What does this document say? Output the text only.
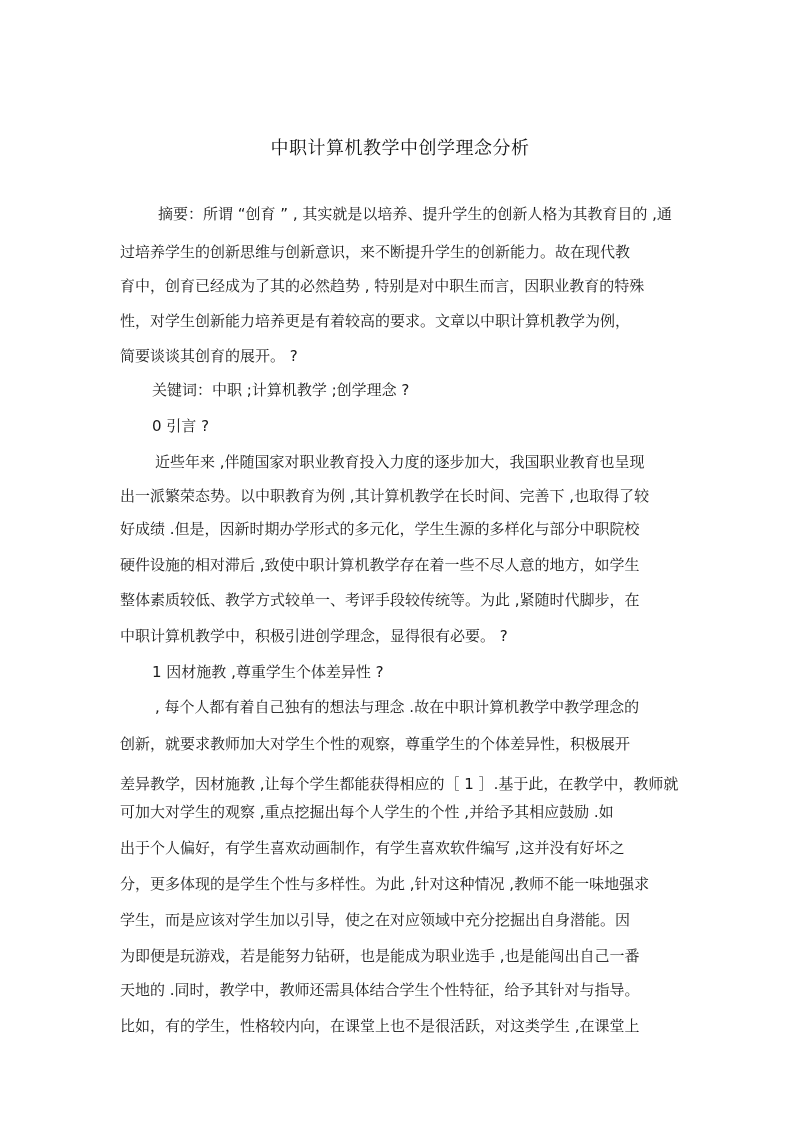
中职计算机教学中创学理念分析
摘要：所谓 “创育 ” , 其实就是以培养、提升学生的创新人格为其教育目的 ,通
过培养学生的创新思维与创新意识，来不断提升学生的创新能力。故在现代教
育中，创育已经成为了其的必然趋势 , 特别是对中职生而言，因职业教育的特殊
性，对学生创新能力培养更是有着较高的要求。文章以中职计算机教学为例，
简要谈谈其创育的展开。 ?
关键词：中职 ;计算机教学 ;创学理念 ?
0 引言 ?
近些年来 ,伴随国家对职业教育投入力度的逐步加大，我国职业教育也呈现
出一派繁荣态势。以中职教育为例 ,其计算机教学在长时间、完善下 ,也取得了较
好成绩 .但是，因新时期办学形式的多元化，学生生源的多样化与部分中职院校
硬件设施的相对滞后 ,致使中职计算机教学存在着一些不尽人意的地方，如学生
整体素质较低、教学方式较单一、考评手段较传统等。为此 ,紧随时代脚步，在
中职计算机教学中，积极引进创学理念，显得很有必要。 ?
1 因材施教 ,尊重学生个体差异性 ?
, 每个人都有着自己独有的想法与理念 .故在中职计算机教学中教学理念的
创新，就要求教师加大对学生个性的观察，尊重学生的个体差异性，积极展开
差异教学，因材施教 ,让每个学生都能获得相应的［ 1 ］.基于此，在教学中，教师就
可加大对学生的观察 ,重点挖掘出每个人学生的个性 ,并给予其相应鼓励 .如
出于个人偏好，有学生喜欢动画制作，有学生喜欢软件编写 ,这并没有好坏之
分，更多体现的是学生个性与多样性。为此 ,针对这种情况 ,教师不能一味地强求
学生，而是应该对学生加以引导，使之在对应领域中充分挖掘出自身潜能。因
为即便是玩游戏，若是能努力钻研，也是能成为职业选手 ,也是能闯出自己一番
天地的 .同时，教学中，教师还需具体结合学生个性特征，给予其针对与指导。
比如，有的学生，性格较内向，在课堂上也不是很活跃，对这类学生 ,在课堂上
